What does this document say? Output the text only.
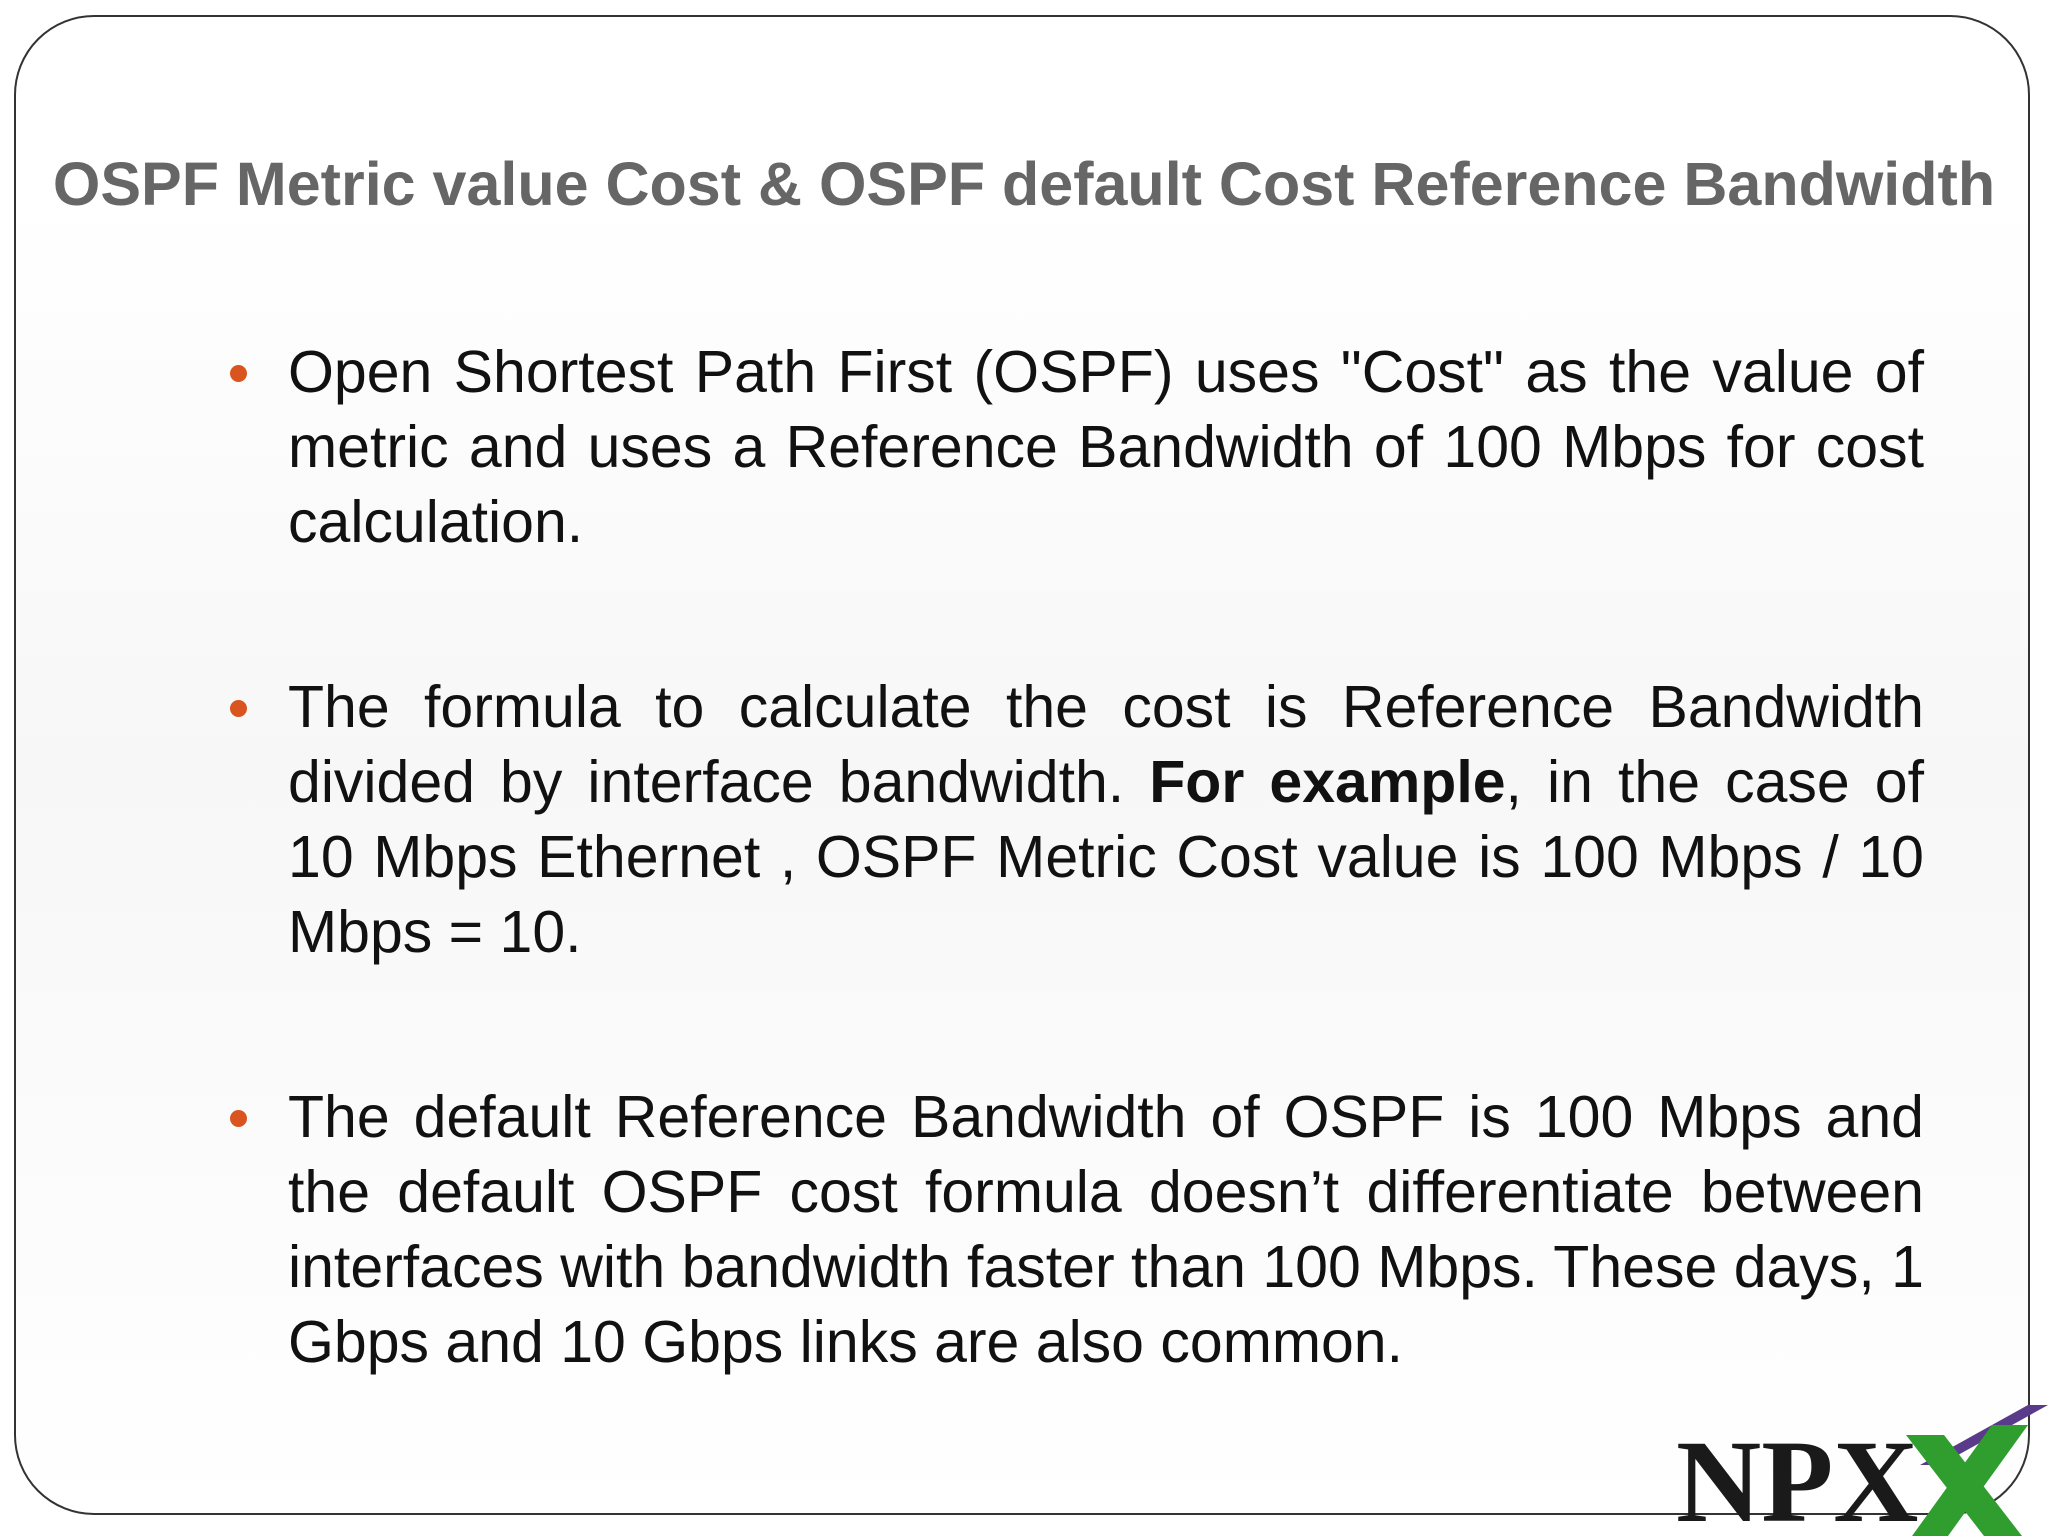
OSPF Metric value Cost & OSPF default Cost Reference Bandwidth
Open Shortest Path First (OSPF) uses "Cost" as the value of metric and uses a Reference Bandwidth of 100 Mbps for cost calculation.
The formula to calculate the cost is Reference Bandwidth divided by interface bandwidth. For example, in the case of 10 Mbps Ethernet , OSPF Metric Cost value is 100 Mbps / 10 Mbps = 10.
The default Reference Bandwidth of OSPF is 100 Mbps and the default OSPF cost formula doesn’t differentiate between interfaces with bandwidth faster than 100 Mbps. These days, 1 Gbps and 10 Gbps links are also common.
NPX
